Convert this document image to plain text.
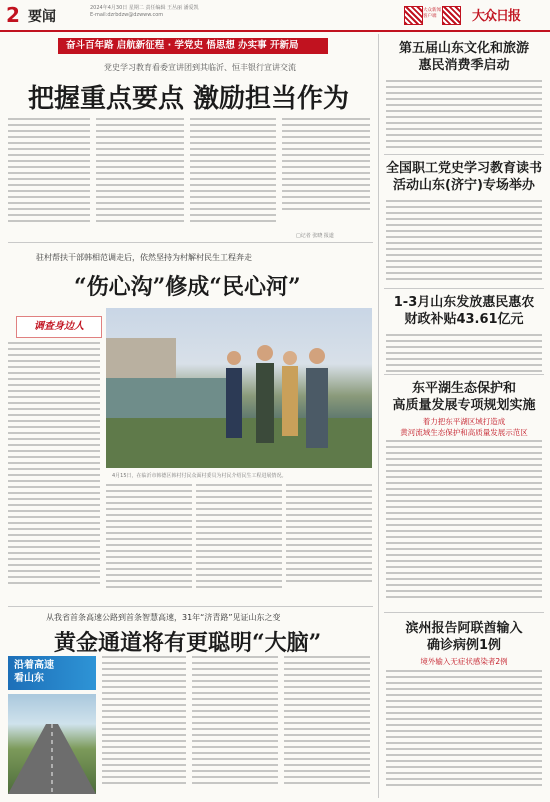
2 要闻
2024年4月30日 星期二 责任编辑 王丛丽 潘爱凯
E-mail:dzrbdzw@dzwww.com
大众新闻客户端	大众日报
奋斗百年路 启航新征程 · 学党史 悟思想 办实事 开新局
党史学习教育看委宣讲团到其临沂、恒丰银行宣讲交流
把握重点要点 激励担当作为
□记者 张晓 报道
驻村帮扶干部韩相范调走后，依然坚持为村解村民生工程奔走
“伤心沟”修成“民心河”
调查身边人
4月15日，在临沂市韩德区韩村付民众面村委员为村民介绍民生工程进展情况。
从我省首条高速公路到首条智慧高速，31年“济青路”见证山东之变
黄金通道将有更聪明“大脑”
沿着高速
看山东
第五届山东文化和旅游
惠民消费季启动
全国职工党史学习教育读书
活动山东(济宁)专场举办
1-3月山东发放惠民惠农
财政补贴43.61亿元
东平湖生态保护和
高质量发展专项规划实施
着力把东平湖区域打造成
黄河流域生态保护和高质量发展示范区
滨州报告阿联酋输入
确诊病例1例
境外输入无症状感染者2例
